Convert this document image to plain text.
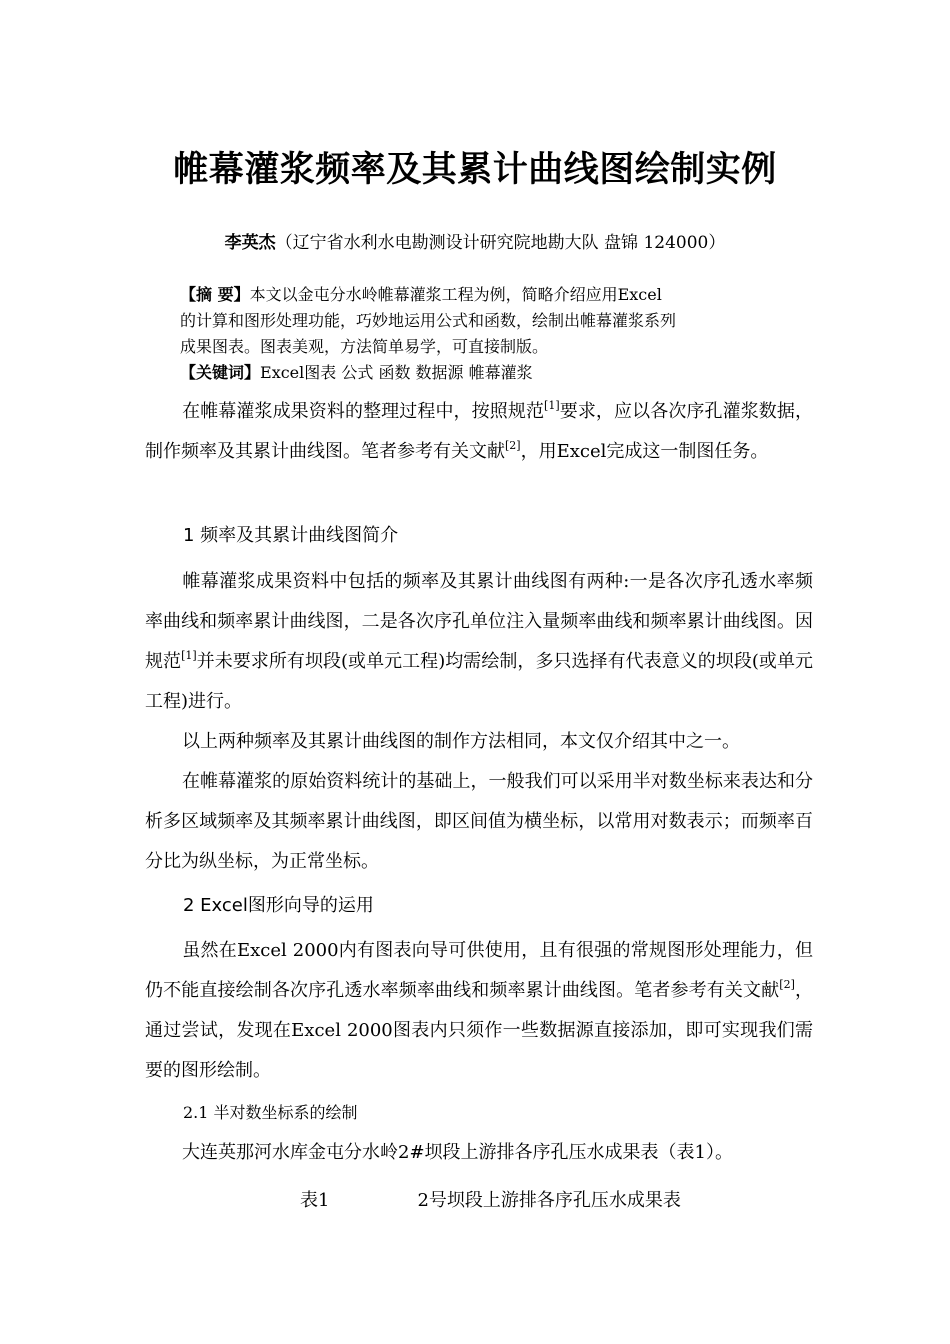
帷幕灌浆频率及其累计曲线图绘制实例
李英杰（辽宁省水利水电勘测设计研究院地勘大队 盘锦 124000）
【摘 要】本文以金屯分水岭帷幕灌浆工程为例，简略介绍应用Excel
的计算和图形处理功能，巧妙地运用公式和函数，绘制出帷幕灌浆系列
成果图表。图表美观，方法简单易学，可直接制版。
【关键词】Excel图表 公式 函数 数据源 帷幕灌浆
在帷幕灌浆成果资料的整理过程中，按照规范[1]要求，应以各次序孔灌浆数据，制作频率及其累计曲线图。笔者参考有关文献[2]，用Excel完成这一制图任务。
1 频率及其累计曲线图简介
帷幕灌浆成果资料中包括的频率及其累计曲线图有两种:一是各次序孔透水率频率曲线和频率累计曲线图，二是各次序孔单位注入量频率曲线和频率累计曲线图。因规范[1]并未要求所有坝段(或单元工程)均需绘制，多只选择有代表意义的坝段(或单元工程)进行。
以上两种频率及其累计曲线图的制作方法相同，本文仅介绍其中之一。
在帷幕灌浆的原始资料统计的基础上，一般我们可以采用半对数坐标来表达和分析多区域频率及其频率累计曲线图，即区间值为横坐标，以常用对数表示；而频率百分比为纵坐标，为正常坐标。
2 Excel图形向导的运用
虽然在Excel 2000内有图表向导可供使用，且有很强的常规图形处理能力，但仍不能直接绘制各次序孔透水率频率曲线和频率累计曲线图。笔者参考有关文献[2]，通过尝试，发现在Excel 2000图表内只须作一些数据源直接添加，即可实现我们需要的图形绘制。
2.1 半对数坐标系的绘制
大连英那河水库金屯分水岭2#坝段上游排各序孔压水成果表（表1）。
表1	2号坝段上游排各序孔压水成果表
